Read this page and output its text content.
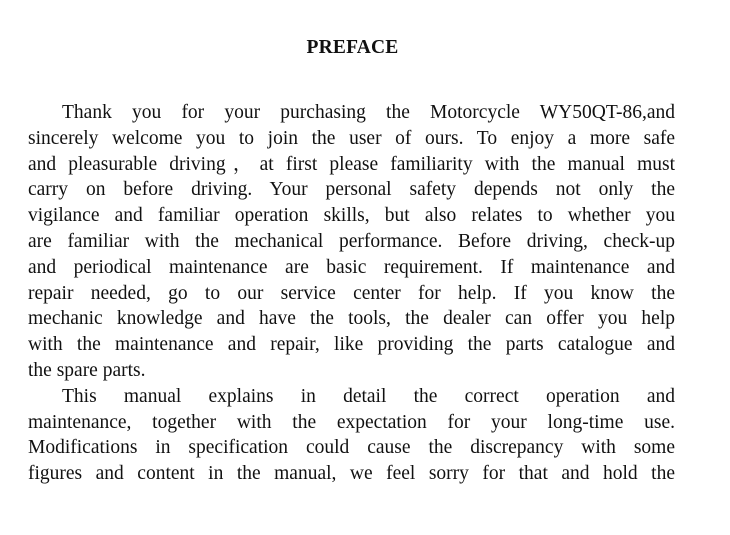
PREFACE
Thank you for your purchasing the Motorcycle WY50QT-86,and
sincerely welcome you to join the user of ours. To enjoy a more safe
and pleasurable driving，at first please familiarity with the manual must
carry on before driving. Your personal safety depends not only the
vigilance and familiar operation skills, but also relates to whether you
are familiar with the mechanical performance. Before driving, check-up
and periodical maintenance are basic requirement. If maintenance and
repair needed, go to our service center for help. If you know the
mechanic knowledge and have the tools, the dealer can offer you help
with the maintenance and repair, like providing the parts catalogue and
the spare parts.
This manual explains in detail the correct operation and
maintenance, together with the expectation for your long-time use.
Modifications in specification could cause the discrepancy with some
figures and content in the manual, we feel sorry for that and hold the
